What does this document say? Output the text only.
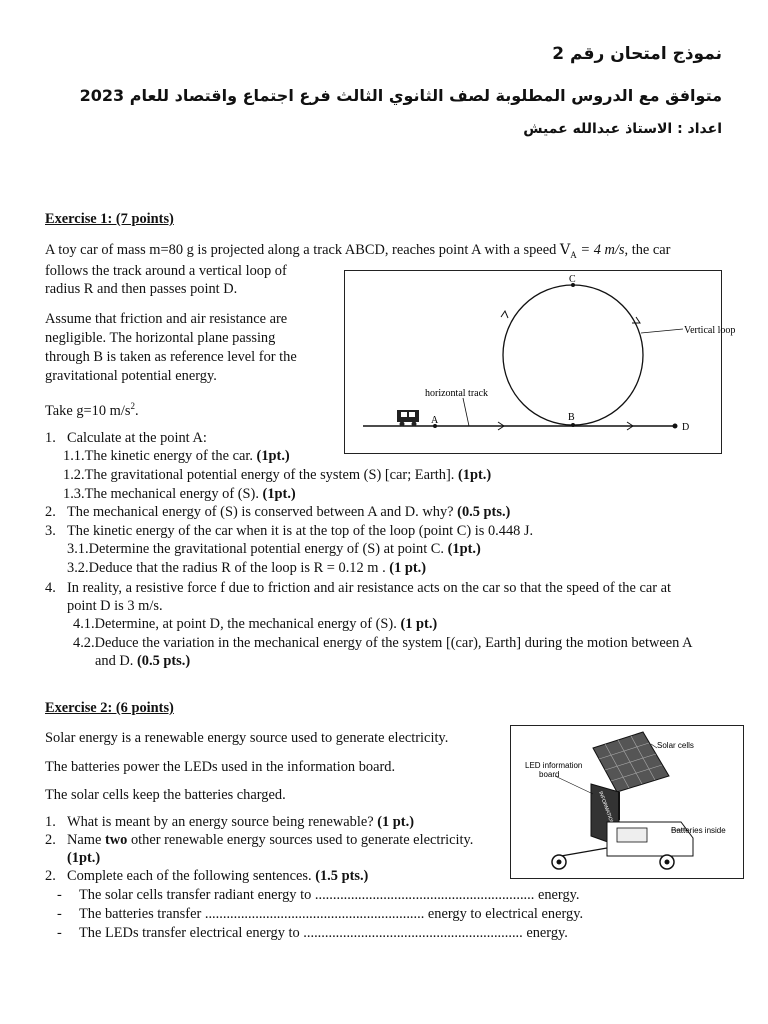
نموذج امتحان رقم 2
متوافق مع الدروس المطلوبة لصف الثانوي الثالث فرع اجتماع واقتصاد للعام 2023
اعداد : الاستاذ عبدالله عميش
Exercise 1: (7 points)
A toy car of mass m=80 g is projected along a track ABCD, reaches point A with a speed $V_A = 4$ m/s, the car
follows the track around a vertical loop of
radius R and then passes point D.
Assume that friction and air resistance are
negligible. The horizontal plane passing
through B is taken as reference level for the
gravitational potential energy.
Take g=10 $m/s^2$.
C
A	B
D
Vertical loop
horizontal track
1. Calculate at the point A:
1.1.The kinetic energy of the car. (1pt.)
1.2.The gravitational potential energy of the system (S) [car; Earth]. (1pt.)
1.3.The mechanical energy of (S). (1pt.)
2. The mechanical energy of (S) is conserved between A and D. why? (0.5 pts.)
3. The kinetic energy of the car when it is at the top of the loop (point C) is 0.448 J.
3.1.Determine the gravitational potential energy of (S) at point C. (1pt.)
3.2.Deduce that the radius R of the loop is R = 0.12 m . (1 pt.)
4. In reality, a resistive force f due to friction and air resistance acts on the car so that the speed of the car at
point D is 3 m/s.
4.1.Determine, at point D, the mechanical energy of (S). (1 pt.)
4.2.Deduce the variation in the mechanical energy of the system [(car), Earth] during the motion between A
and D. (0.5 pts.)
Exercise 2: (6 points)
Solar energy is a renewable energy source used to generate electricity.
The batteries power the LEDs used in the information board.
The solar cells keep the batteries charged.
1. What is meant by an energy source being renewable? (1 pt.)
2. Name two other renewable energy sources used to generate electricity.
(1pt.)
2. Complete each of the following sentences. (1.5 pts.)
- The solar cells transfer radiant energy to ............................................................. energy.
- The batteries transfer ............................................................. energy to electrical energy.
- The LEDs transfer electrical energy to ............................................................. energy.
INFORMATION AHEAD
Solar cells
LED information
board
Batteries inside
